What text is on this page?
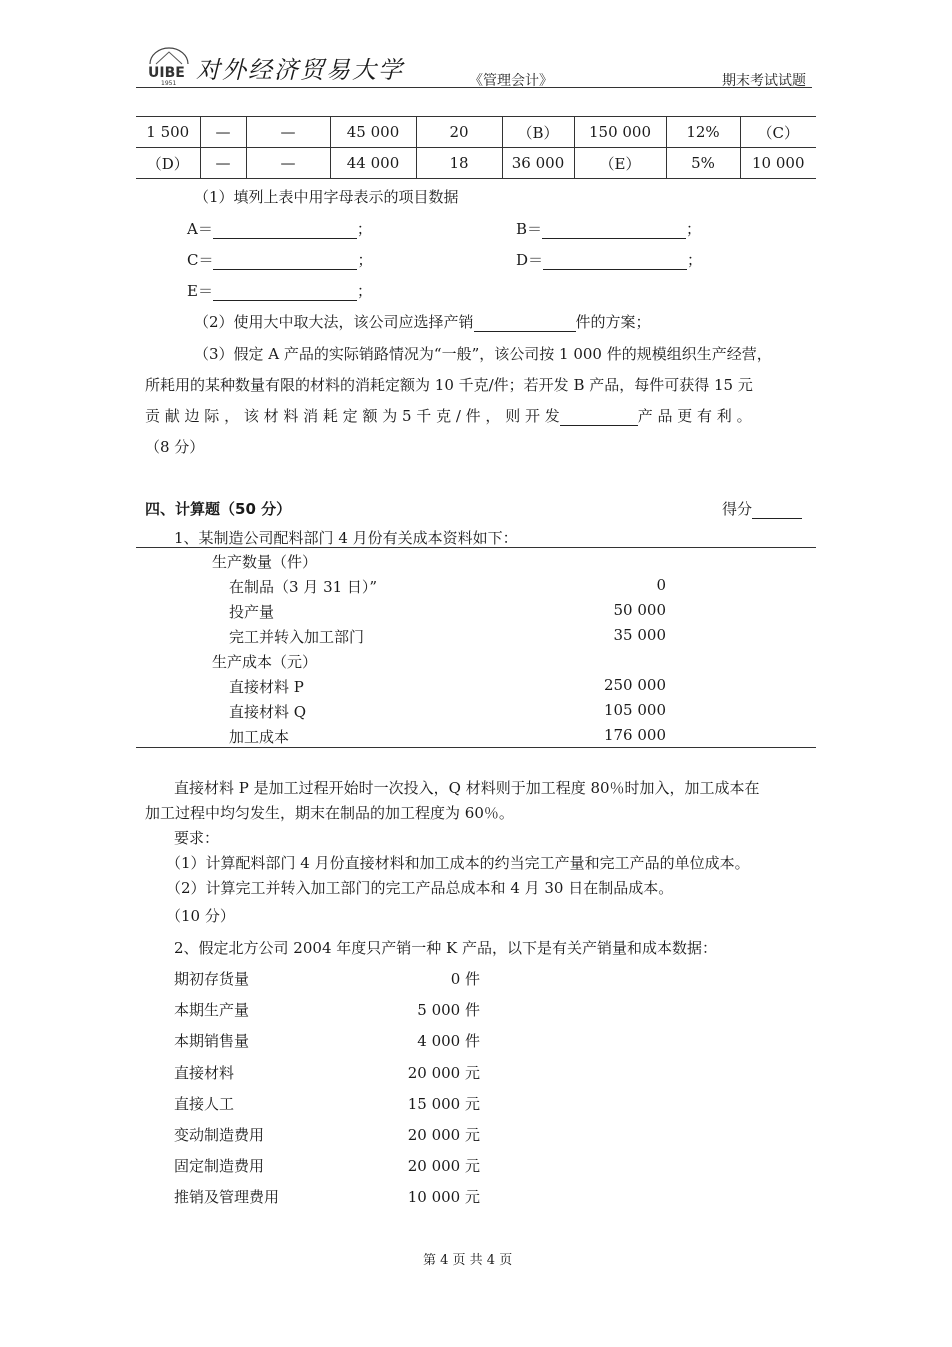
UIBE
1951 对外经济贸易大学	《管理会计》	期末考试试题
1 500	—	—	45 000	20	（B）	150 000	12%	（C）
（D）	—	—	44 000	18	36 000	（E）	5%	10 000
（1）填列上表中用字母表示的项目数据
A＝	；	B＝	；
C＝	；	D＝	；
E＝	；
（2）使用大中取大法，该公司应选择产销	件的方案；
（3）假定 A 产品的实际销路情况为“一般”，该公司按 1 000 件的规模组织生产经营，
所耗用的某种数量有限的材料的消耗定额为 10 千克/件；若开发 B 产品，每件可获得 15 元
贡 献 边 际 ， 该 材 料 消 耗 定 额 为 5 千 克 / 件 ， 则 开 发	产 品 更 有 利 。
（8 分）
四、计算题（50 分）	得分
1、某制造公司配料部门 4 月份有关成本资料如下：
生产数量（件）
在制品（3 月 31 日）”	0
投产量	50 000
完工并转入加工部门	35 000
生产成本（元）
直接材料 P	250 000
直接材料 Q	105 000
加工成本	176 000
直接材料 P 是加工过程开始时一次投入，Q 材料则于加工程度 80％时加入，加工成本在
加工过程中均匀发生，期末在制品的加工程度为 60％。
要求：
（1）计算配料部门 4 月份直接材料和加工成本的约当完工产量和完工产品的单位成本。
（2）计算完工并转入加工部门的完工产品总成本和 4 月 30 日在制品成本。
（10 分）
2、假定北方公司 2004 年度只产销一种 K 产品，以下是有关产销量和成本数据：
期初存货量	0 件
本期生产量	5 000 件
本期销售量	4 000 件
直接材料	20 000 元
直接人工	15 000 元
变动制造费用	20 000 元
固定制造费用	20 000 元
推销及管理费用	10 000 元
第 4 页 共 4 页
